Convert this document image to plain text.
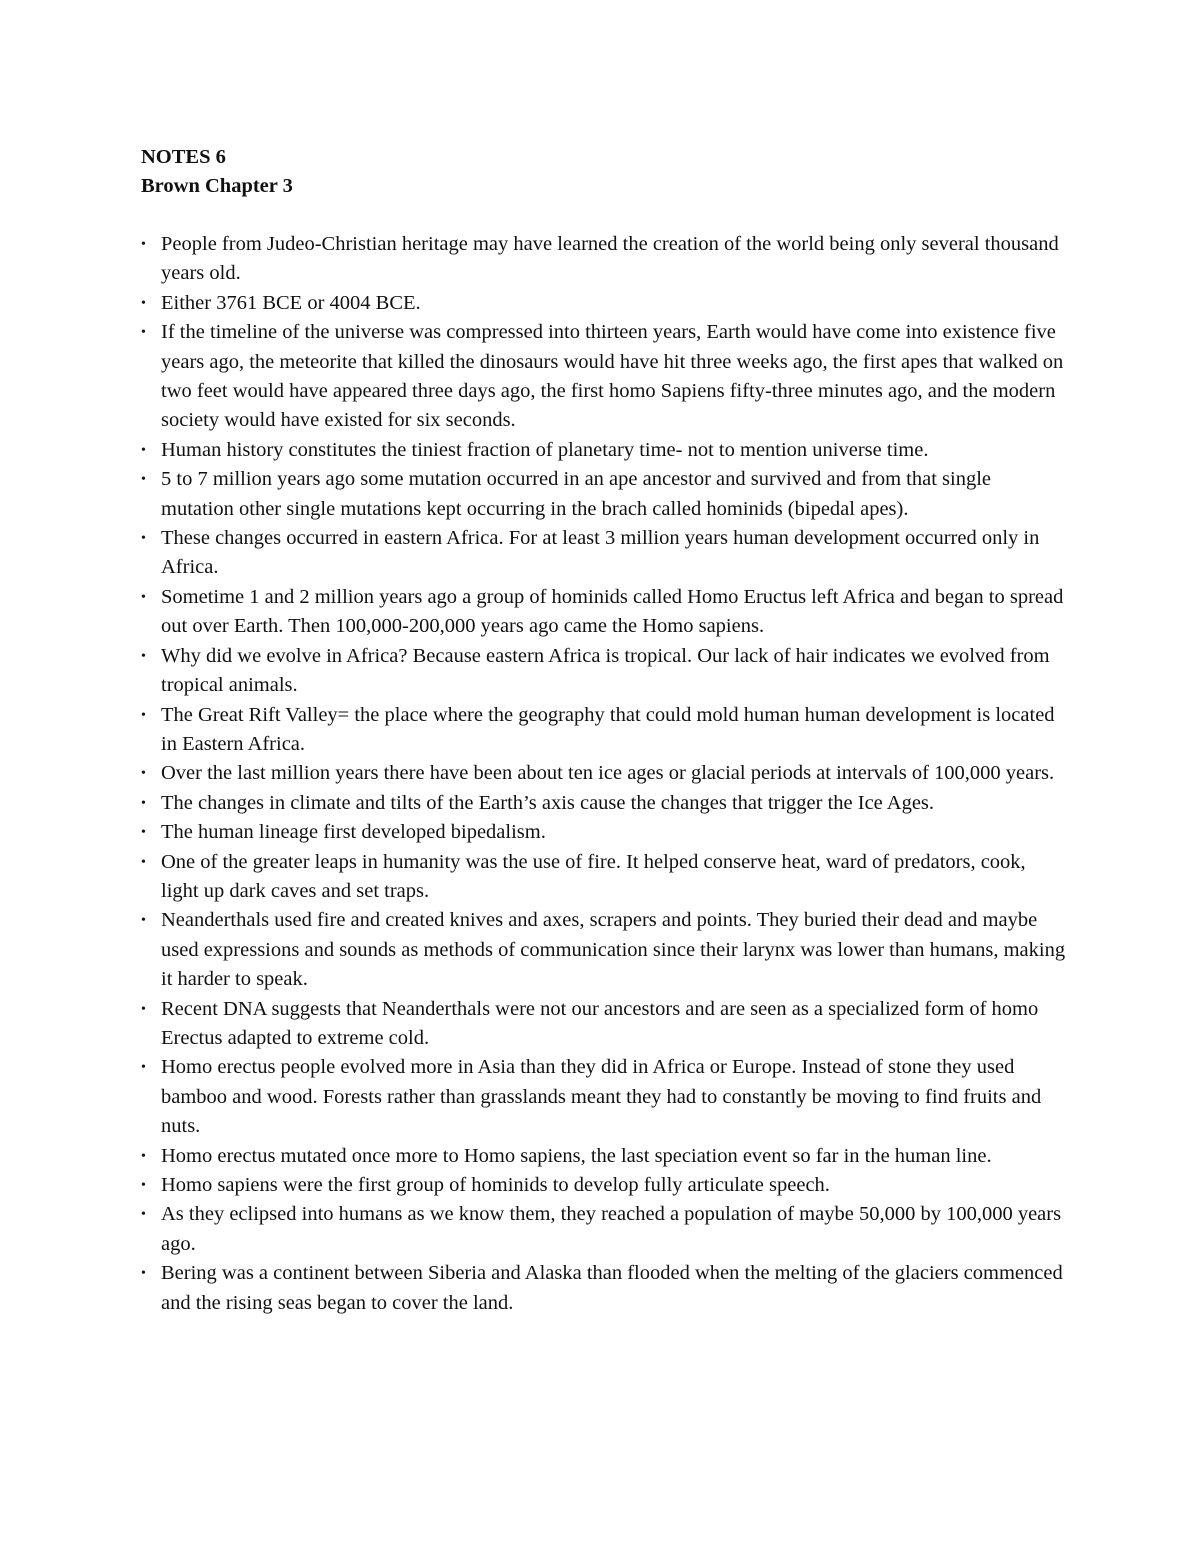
NOTES 6
Brown Chapter 3
• People from Judeo-Christian heritage may have learned the creation of the world being only several thousand years old.
• Either 3761 BCE or 4004 BCE.
• If the timeline of the universe was compressed into thirteen years, Earth would have come into existence five years ago, the meteorite that killed the dinosaurs would have hit three weeks ago, the first apes that walked on two feet would have appeared three days ago, the first homo Sapiens fifty-three minutes ago, and the modern society would have existed for six seconds.
• Human history constitutes the tiniest fraction of planetary time- not to mention universe time.
• 5 to 7 million years ago some mutation occurred in an ape ancestor and survived and from that single mutation other single mutations kept occurring in the brach called hominids (bipedal apes).
• These changes occurred in eastern Africa. For at least 3 million years human development occurred only in Africa.
• Sometime 1 and 2 million years ago a group of hominids called Homo Eructus left Africa and began to spread out over Earth. Then 100,000-200,000 years ago came the Homo sapiens.
• Why did we evolve in Africa? Because eastern Africa is tropical. Our lack of hair indicates we evolved from tropical animals.
• The Great Rift Valley= the place where the geography that could mold human human development is located in Eastern Africa.
• Over the last million years there have been about ten ice ages or glacial periods at intervals of 100,000 years.
• The changes in climate and tilts of the Earth’s axis cause the changes that trigger the Ice Ages.
• The human lineage first developed bipedalism.
• One of the greater leaps in humanity was the use of fire. It helped conserve heat, ward of predators, cook, light up dark caves and set traps.
• Neanderthals used fire and created knives and axes, scrapers and points. They buried their dead and maybe used expressions and sounds as methods of communication since their larynx was lower than humans, making it harder to speak.
• Recent DNA suggests that Neanderthals were not our ancestors and are seen as a specialized form of homo Erectus adapted to extreme cold.
• Homo erectus people evolved more in Asia than they did in Africa or Europe. Instead of stone they used bamboo and wood. Forests rather than grasslands meant they had to constantly be moving to find fruits and nuts.
• Homo erectus mutated once more to Homo sapiens, the last speciation event so far in the human line.
• Homo sapiens were the first group of hominids to develop fully articulate speech.
• As they eclipsed into humans as we know them, they reached a population of maybe 50,000 by 100,000 years ago.
• Bering was a continent between Siberia and Alaska than flooded when the melting of the glaciers commenced and the rising seas began to cover the land.
